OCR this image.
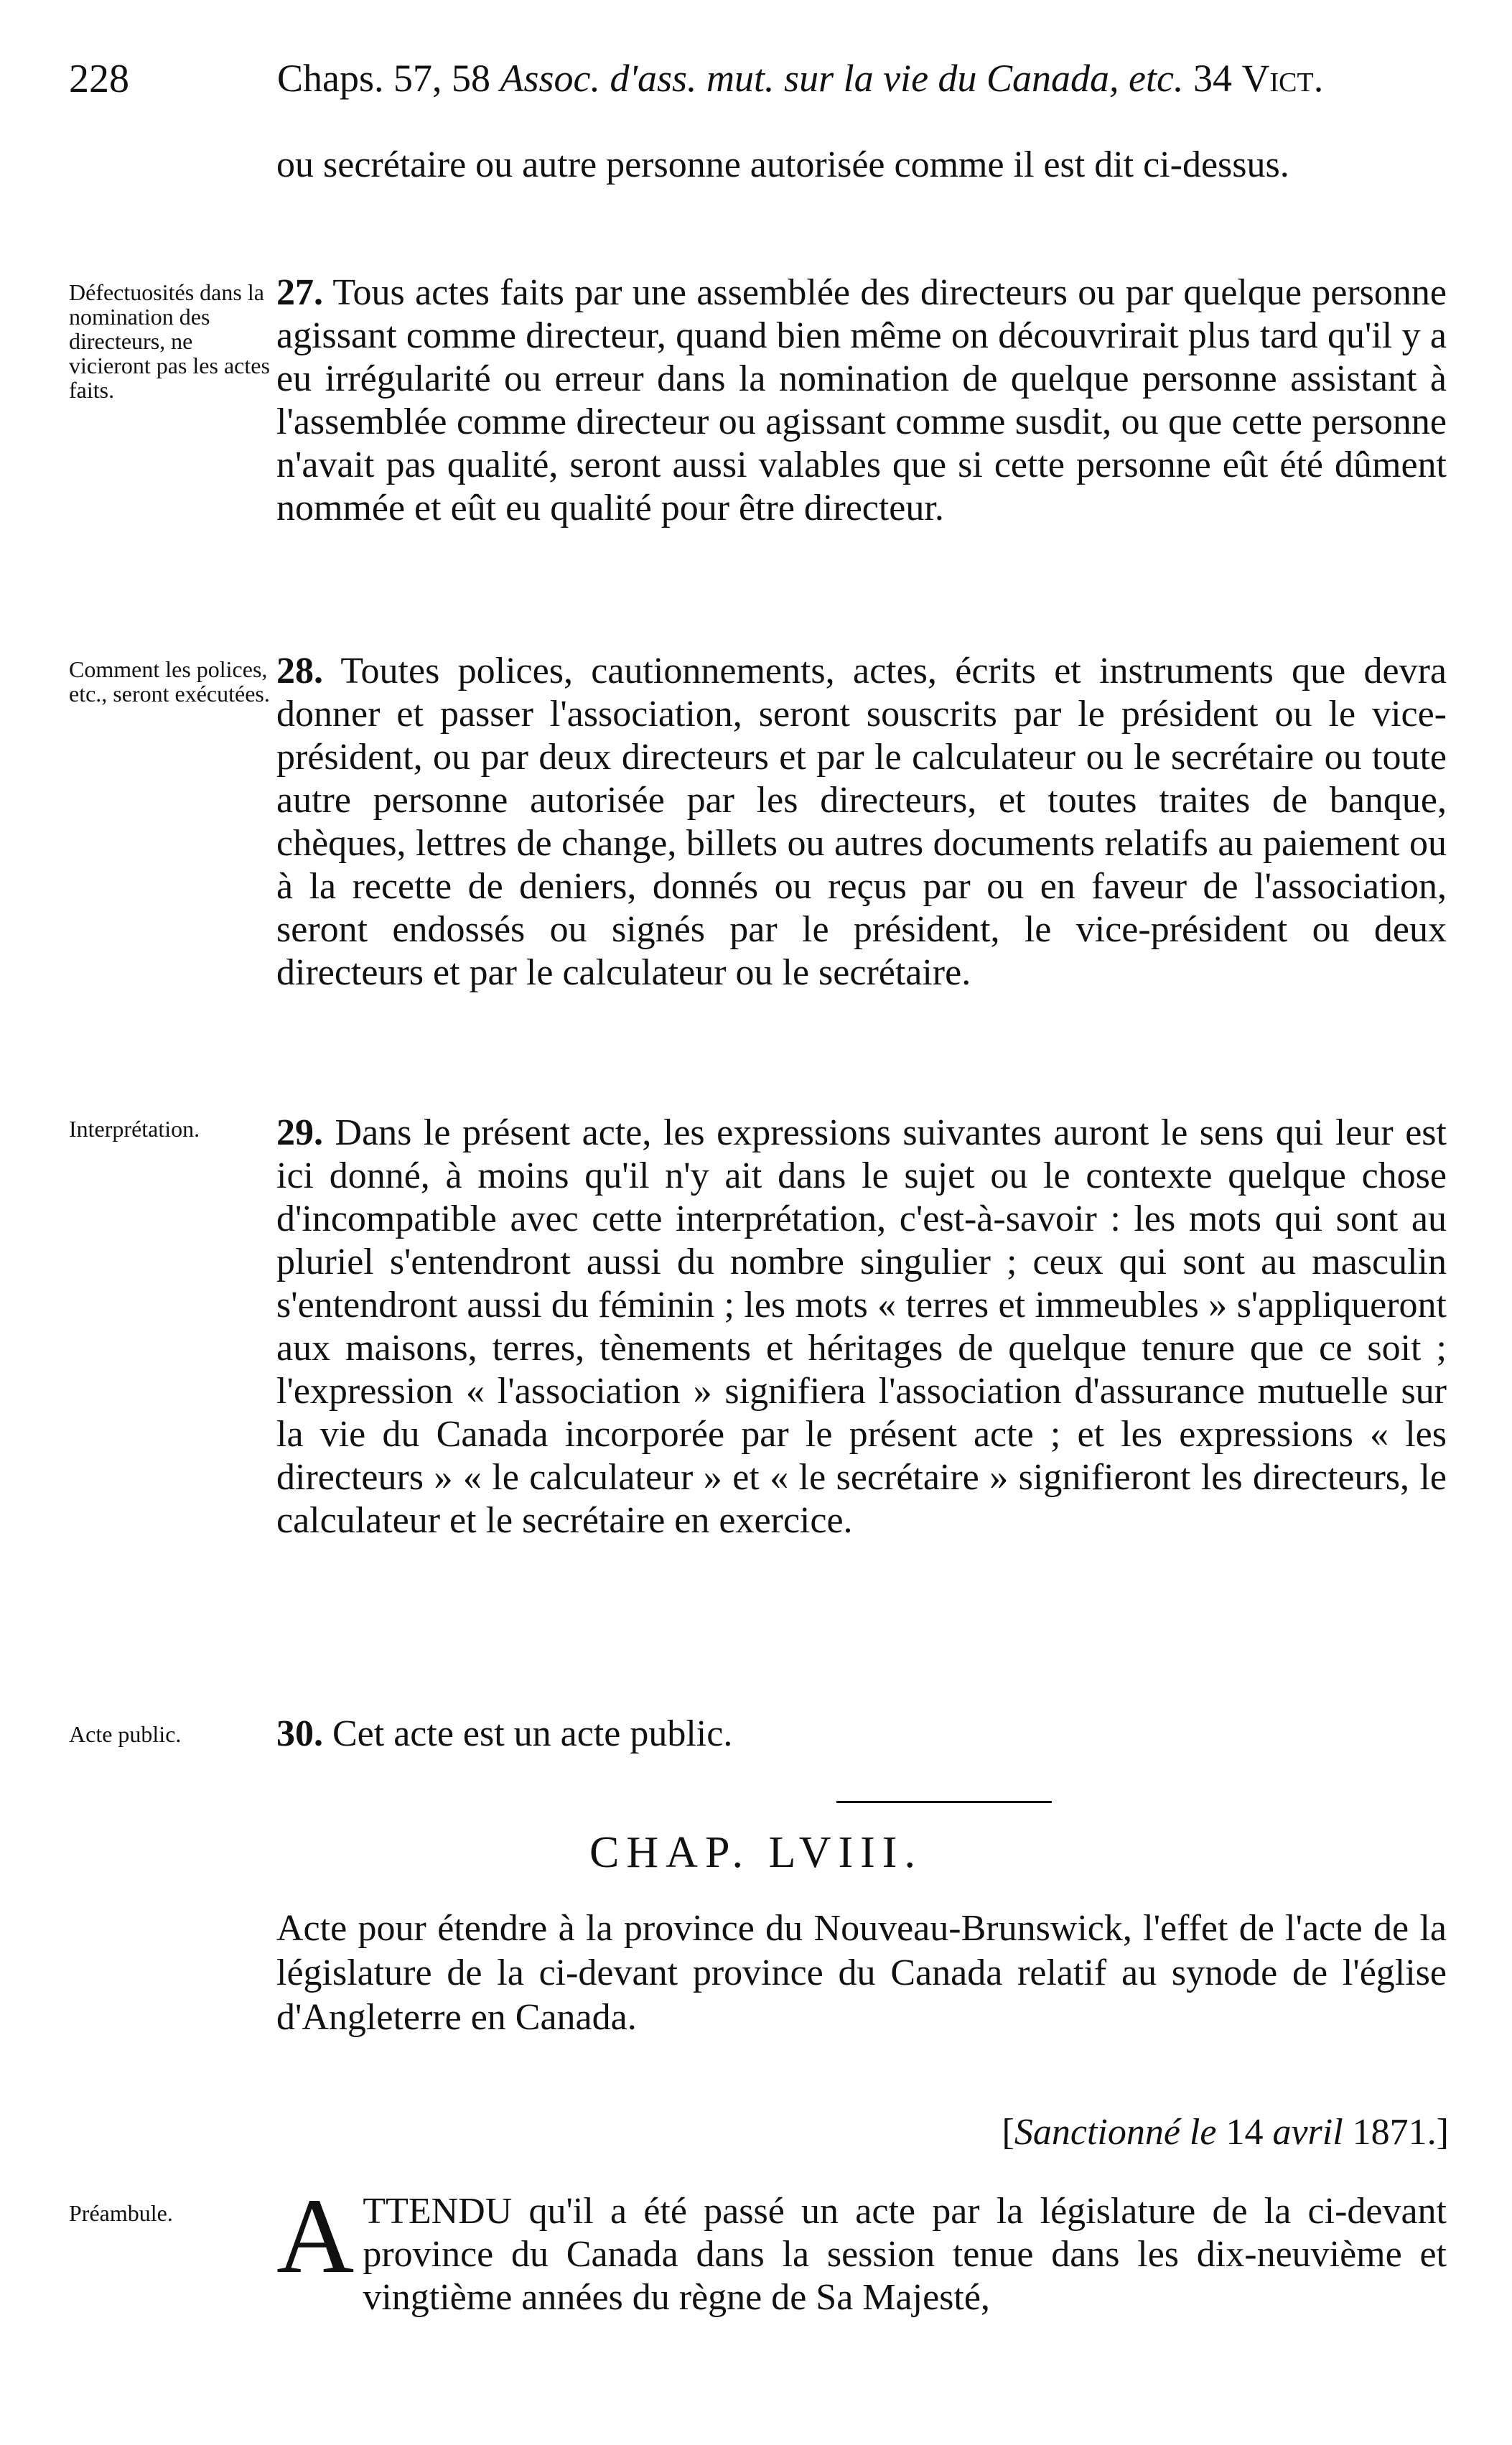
228	Chaps. 57, 58 Assoc. d'ass. mut. sur la vie du Canada, etc. 34 Vict.

ou secrétaire ou autre personne autorisée comme il est dit ci-dessus.

Défectuosités dans la nomination des directeurs, ne vicieront pas les actes faits.

27. Tous actes faits par une assemblée des directeurs ou par quelque personne agissant comme directeur, quand bien même on découvrirait plus tard qu'il y a eu irrégularité ou erreur dans la nomination de quelque personne assistant à l'assemblée comme directeur ou agissant comme susdit, ou que cette personne n'avait pas qualité, seront aussi valables que si cette personne eût été dûment nommée et eût eu qualité pour être directeur.

Comment les polices, etc., seront exécutées.

28. Toutes polices, cautionnements, actes, écrits et instruments que devra donner et passer l'association, seront souscrits par le président ou le vice-président, ou par deux directeurs et par le calculateur ou le secrétaire ou toute autre personne autorisée par les directeurs, et toutes traites de banque, chèques, lettres de change, billets ou autres documents relatifs au paiement ou à la recette de deniers, donnés ou reçus par ou en faveur de l'association, seront endossés ou signés par le président, le vice-président ou deux directeurs et par le calculateur ou le secrétaire.

Interprétation.	29. Dans le présent acte, les expressions suivantes auront le sens qui leur est ici donné, à moins qu'il n'y ait dans le sujet ou le contexte quelque chose d'incompatible avec cette interprétation, c'est-à-savoir : les mots qui sont au pluriel s'entendront aussi du nombre singulier ; ceux qui sont au masculin s'entendront aussi du féminin ; les mots « terres et immeubles » s'appliqueront aux maisons, terres, tènements et héritages de quelque tenure que ce soit ; l'expression « l'association » signifiera l'association d'assurance mutuelle sur la vie du Canada incorporée par le présent acte ; et les expressions « les directeurs » « le calculateur » et « le secrétaire » signifieront les directeurs, le calculateur et le secrétaire en exercice.

Acte public.	30. Cet acte est un acte public.

CHAP. LVIII.

Acte pour étendre à la province du Nouveau-Brunswick, l'effet de l'acte de la législature de la ci-devant province du Canada relatif au synode de l'église d'Angleterre en Canada.

[Sanctionné le 14 avril 1871.]

Préambule. A TTENDU qu'il a été passé un acte par la législature de la ci-devant province du Canada dans la session tenue dans les dix-neuvième et vingtième années du règne de Sa Majesté,
